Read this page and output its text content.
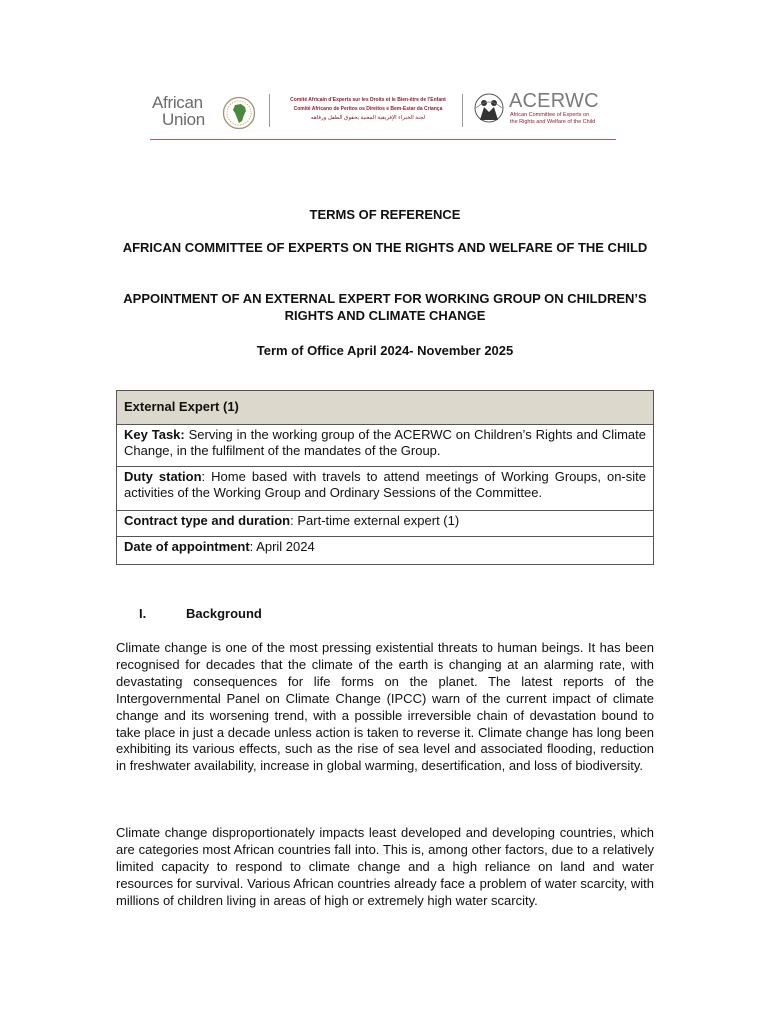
African
Union
Comité Africain d’Experts sur les Droits et le Bien-être de l’Enfant
Comité Africano de Peritos os Direitos e Bem-Estar da Criança
لجنة الخبراء الإفريقية المعنية بحقوق الطفل ورفاهه
ACERWC
African Committee of Experts on
the Rights and Welfare of the Child
TERMS OF REFERENCE
AFRICAN COMMITTEE OF EXPERTS ON THE RIGHTS AND WELFARE OF THE CHILD
APPOINTMENT OF AN EXTERNAL EXPERT FOR WORKING GROUP ON CHILDREN’S RIGHTS AND CLIMATE CHANGE
Term of Office April 2024- November 2025
External Expert (1)
Key Task: Serving in the working group of the ACERWC on Children’s Rights and Climate Change, in the fulfilment of the mandates of the Group.
Duty station: Home based with travels to attend meetings of Working Groups, on-site activities of the Working Group and Ordinary Sessions of the Committee.
Contract type and duration: Part-time external expert (1)
Date of appointment: April 2024
I.	Background

Climate change is one of the most pressing existential threats to human beings. It has been recognised for decades that the climate of the earth is changing at an alarming rate, with devastating consequences for life forms on the planet. The latest reports of the Intergovernmental Panel on Climate Change (IPCC) warn of the current impact of climate change and its worsening trend, with a possible irreversible chain of devastation bound to take place in just a decade unless action is taken to reverse it. Climate change has long been exhibiting its various effects, such as the rise of sea level and associated flooding, reduction in freshwater availability, increase in global warming, desertification, and loss of biodiversity.

Climate change disproportionately impacts least developed and developing countries, which are categories most African countries fall into. This is, among other factors, due to a relatively limited capacity to respond to climate change and a high reliance on land and water resources for survival. Various African countries already face a problem of water scarcity, with millions of children living in areas of high or extremely high water scarcity.
